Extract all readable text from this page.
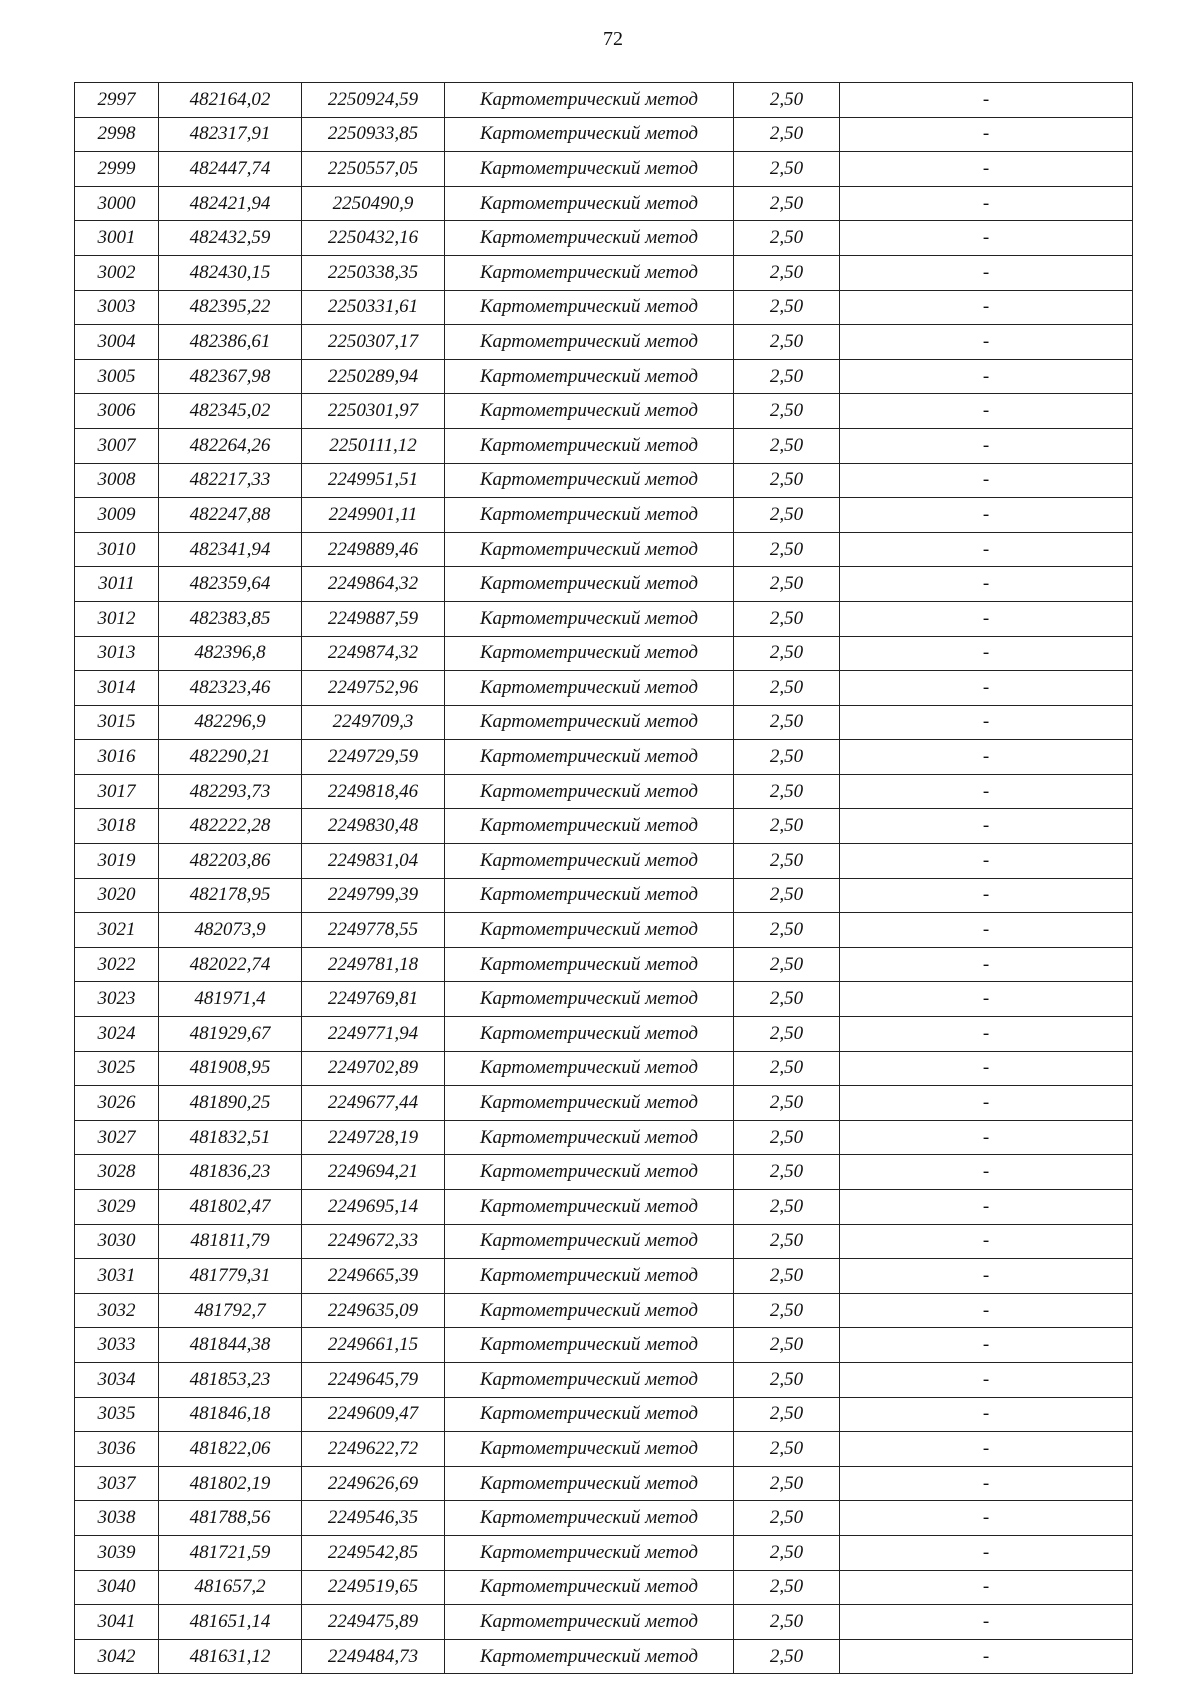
72
2997	482164,02	2250924,59	Картометрический метод	2,50	-
2998	482317,91	2250933,85	Картометрический метод	2,50	-
2999	482447,74	2250557,05	Картометрический метод	2,50	-
3000	482421,94	2250490,9	Картометрический метод	2,50	-
3001	482432,59	2250432,16	Картометрический метод	2,50	-
3002	482430,15	2250338,35	Картометрический метод	2,50	-
3003	482395,22	2250331,61	Картометрический метод	2,50	-
3004	482386,61	2250307,17	Картометрический метод	2,50	-
3005	482367,98	2250289,94	Картометрический метод	2,50	-
3006	482345,02	2250301,97	Картометрический метод	2,50	-
3007	482264,26	2250111,12	Картометрический метод	2,50	-
3008	482217,33	2249951,51	Картометрический метод	2,50	-
3009	482247,88	2249901,11	Картометрический метод	2,50	-
3010	482341,94	2249889,46	Картометрический метод	2,50	-
3011	482359,64	2249864,32	Картометрический метод	2,50	-
3012	482383,85	2249887,59	Картометрический метод	2,50	-
3013	482396,8	2249874,32	Картометрический метод	2,50	-
3014	482323,46	2249752,96	Картометрический метод	2,50	-
3015	482296,9	2249709,3	Картометрический метод	2,50	-
3016	482290,21	2249729,59	Картометрический метод	2,50	-
3017	482293,73	2249818,46	Картометрический метод	2,50	-
3018	482222,28	2249830,48	Картометрический метод	2,50	-
3019	482203,86	2249831,04	Картометрический метод	2,50	-
3020	482178,95	2249799,39	Картометрический метод	2,50	-
3021	482073,9	2249778,55	Картометрический метод	2,50	-
3022	482022,74	2249781,18	Картометрический метод	2,50	-
3023	481971,4	2249769,81	Картометрический метод	2,50	-
3024	481929,67	2249771,94	Картометрический метод	2,50	-
3025	481908,95	2249702,89	Картометрический метод	2,50	-
3026	481890,25	2249677,44	Картометрический метод	2,50	-
3027	481832,51	2249728,19	Картометрический метод	2,50	-
3028	481836,23	2249694,21	Картометрический метод	2,50	-
3029	481802,47	2249695,14	Картометрический метод	2,50	-
3030	481811,79	2249672,33	Картометрический метод	2,50	-
3031	481779,31	2249665,39	Картометрический метод	2,50	-
3032	481792,7	2249635,09	Картометрический метод	2,50	-
3033	481844,38	2249661,15	Картометрический метод	2,50	-
3034	481853,23	2249645,79	Картометрический метод	2,50	-
3035	481846,18	2249609,47	Картометрический метод	2,50	-
3036	481822,06	2249622,72	Картометрический метод	2,50	-
3037	481802,19	2249626,69	Картометрический метод	2,50	-
3038	481788,56	2249546,35	Картометрический метод	2,50	-
3039	481721,59	2249542,85	Картометрический метод	2,50	-
3040	481657,2	2249519,65	Картометрический метод	2,50	-
3041	481651,14	2249475,89	Картометрический метод	2,50	-
3042	481631,12	2249484,73	Картометрический метод	2,50	-
